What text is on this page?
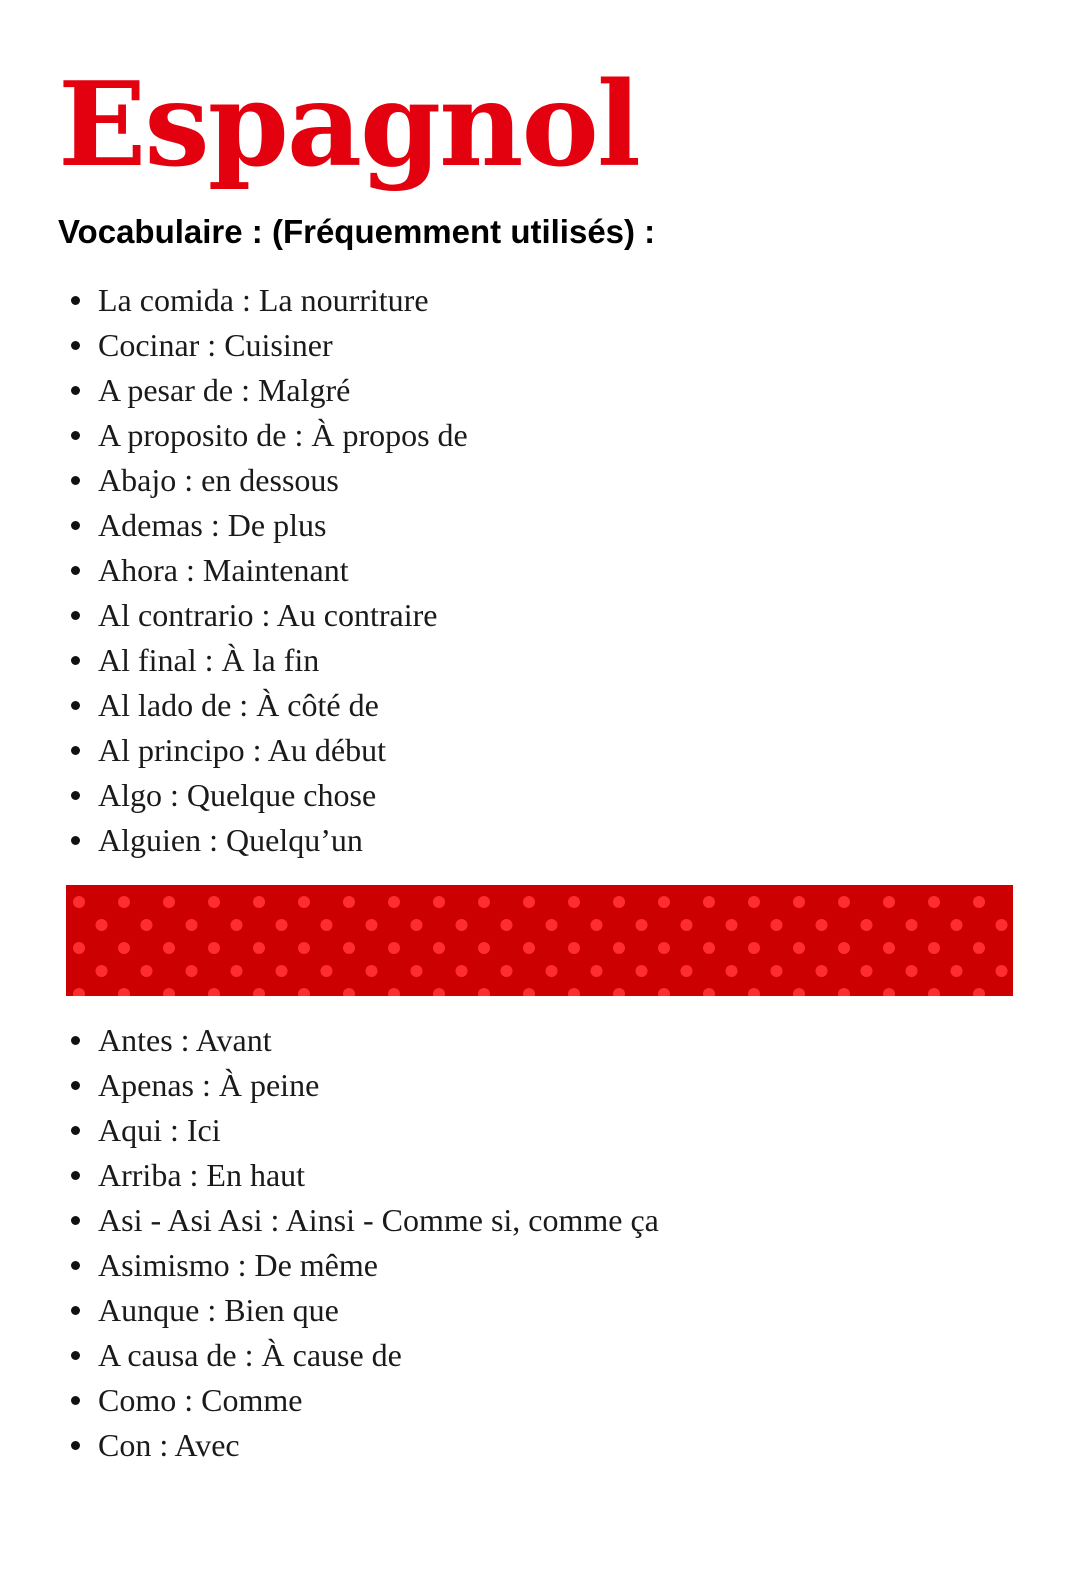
Espagnol
Vocabulaire : (Fréquemment utilisés) :
La comida : La nourriture
Cocinar : Cuisiner
A pesar de : Malgré
A proposito de : À propos de
Abajo : en dessous
Ademas : De plus
Ahora : Maintenant
Al contrario : Au contraire
Al final : À la fin
Al lado de : À côté de
Al principo : Au début
Algo : Quelque chose
Alguien : Quelqu’un
Antes : Avant
Apenas : À peine
Aqui : Ici
Arriba : En haut
Asi - Asi Asi : Ainsi - Comme si, comme ça
Asimismo : De même
Aunque : Bien que
A causa de : À cause de
Como : Comme
Con : Avec
